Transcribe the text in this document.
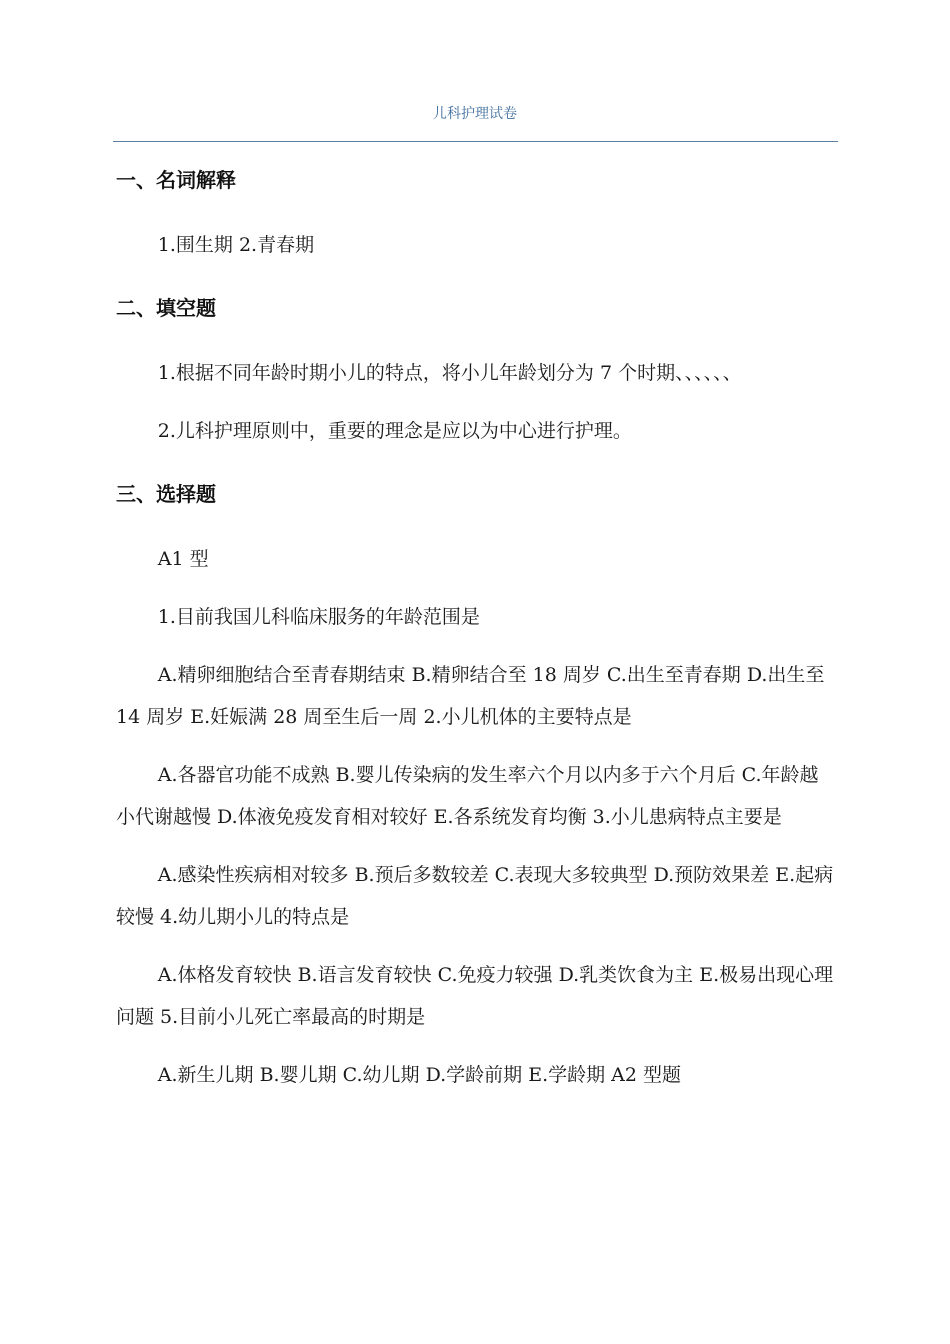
儿科护理试卷

一、名词解释

1.围生期 2.青春期

二、填空题

1.根据不同年龄时期小儿的特点，将小儿年龄划分为 7 个时期、、、、、、

2.儿科护理原则中，重要的理念是应以为中心进行护理。

三、选择题

A1 型

1.目前我国儿科临床服务的年龄范围是

A.精卵细胞结合至青春期结束 B.精卵结合至 18 周岁 C.出生至青春期 D.出生至 14 周岁 E.妊娠满 28 周至生后一周 2.小儿机体的主要特点是

A.各器官功能不成熟 B.婴儿传染病的发生率六个月以内多于六个月后 C.年龄越小代谢越慢 D.体液免疫发育相对较好 E.各系统发育均衡 3.小儿患病特点主要是

A.感染性疾病相对较多 B.预后多数较差 C.表现大多较典型 D.预防效果差 E.起病较慢 4.幼儿期小儿的特点是

A.体格发育较快 B.语言发育较快 C.免疫力较强 D.乳类饮食为主 E.极易出现心理问题 5.目前小儿死亡率最高的时期是

A.新生儿期 B.婴儿期 C.幼儿期 D.学龄前期 E.学龄期 A2 型题
